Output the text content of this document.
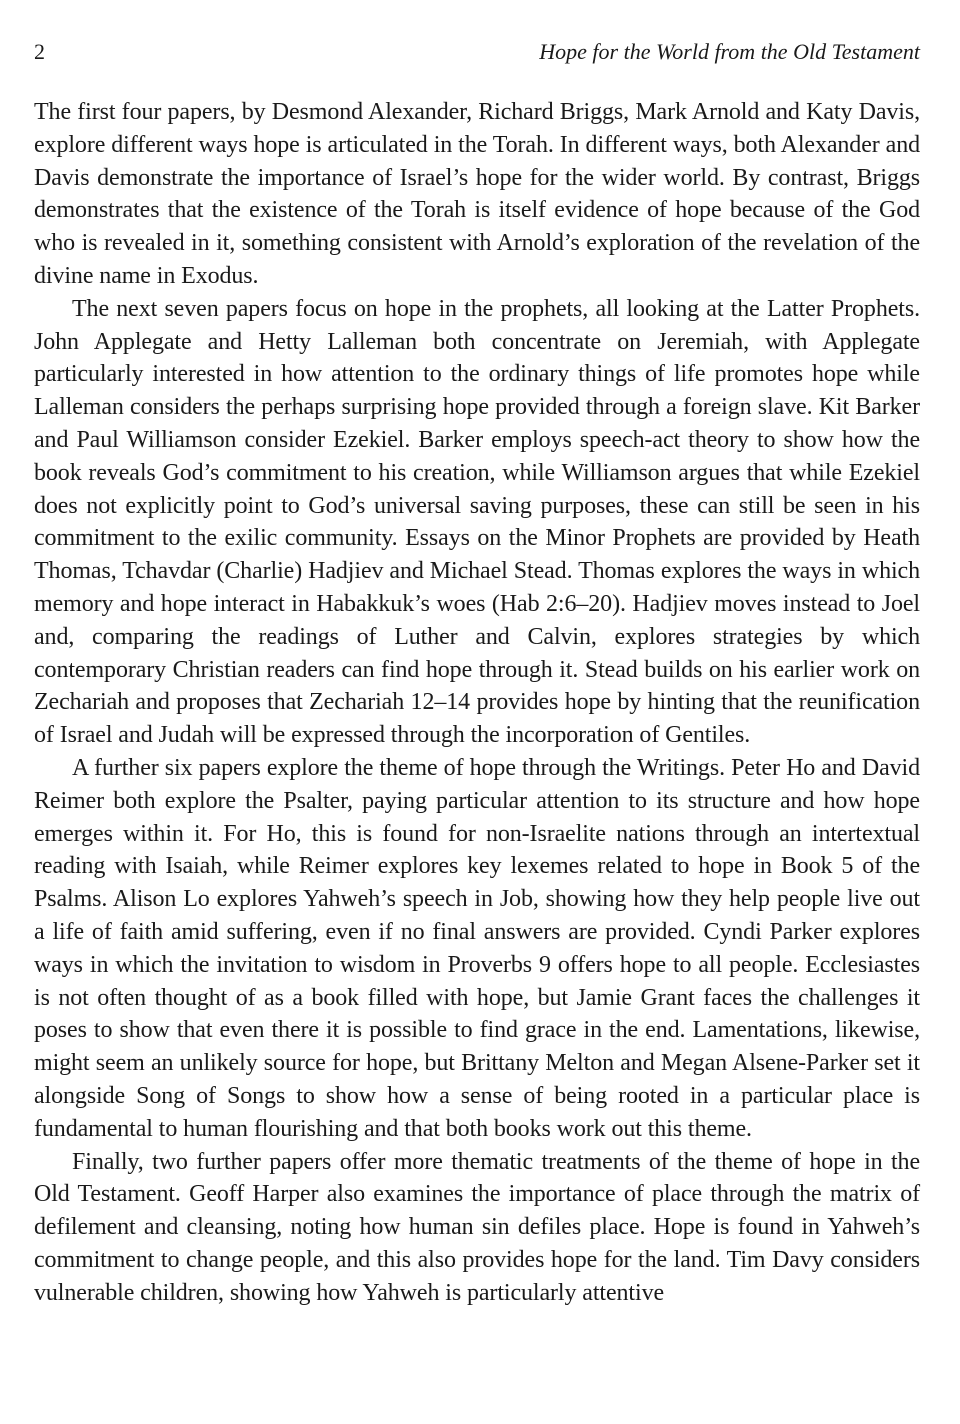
2	Hope for the World from the Old Testament

The first four papers, by Desmond Alexander, Richard Briggs, Mark Arnold and Katy Davis, explore different ways hope is articulated in the Torah. In different ways, both Alexander and Davis demonstrate the importance of Israel’s hope for the wider world. By contrast, Briggs demonstrates that the existence of the Torah is itself evidence of hope because of the God who is revealed in it, something consistent with Arnold’s exploration of the revelation of the divine name in Exodus.

The next seven papers focus on hope in the prophets, all looking at the Latter Prophets. John Applegate and Hetty Lalleman both concentrate on Jeremiah, with Applegate particularly interested in how attention to the ordinary things of life promotes hope while Lalleman considers the perhaps surprising hope provided through a foreign slave. Kit Barker and Paul Williamson consider Ezekiel. Barker employs speech-act theory to show how the book reveals God’s commitment to his creation, while Williamson argues that while Ezekiel does not explicitly point to God’s universal saving purposes, these can still be seen in his commitment to the exilic community. Essays on the Minor Prophets are provided by Heath Thomas, Tchavdar (Charlie) Hadjiev and Michael Stead. Thomas explores the ways in which memory and hope interact in Habakkuk’s woes (Hab 2:6–20). Hadjiev moves instead to Joel and, comparing the readings of Luther and Calvin, explores strategies by which contemporary Christian readers can find hope through it. Stead builds on his earlier work on Zechariah and proposes that Zechariah 12–14 provides hope by hinting that the reunification of Israel and Judah will be expressed through the incorporation of Gentiles.

A further six papers explore the theme of hope through the Writings. Peter Ho and David Reimer both explore the Psalter, paying particular attention to its structure and how hope emerges within it. For Ho, this is found for non-Israelite nations through an intertextual reading with Isaiah, while Reimer explores key lexemes related to hope in Book 5 of the Psalms. Alison Lo explores Yahweh’s speech in Job, showing how they help people live out a life of faith amid suffering, even if no final answers are provided. Cyndi Parker explores ways in which the invitation to wisdom in Proverbs 9 offers hope to all people. Ecclesiastes is not often thought of as a book filled with hope, but Jamie Grant faces the challenges it poses to show that even there it is possible to find grace in the end. Lamentations, likewise, might seem an unlikely source for hope, but Brittany Melton and Megan Alsene-Parker set it alongside Song of Songs to show how a sense of being rooted in a particular place is fundamental to human flourishing and that both books work out this theme.

Finally, two further papers offer more thematic treatments of the theme of hope in the Old Testament. Geoff Harper also examines the importance of place through the matrix of defilement and cleansing, noting how human sin defiles place. Hope is found in Yahweh’s commitment to change people, and this also provides hope for the land. Tim Davy considers vulnerable children, showing how Yahweh is particularly attentive
